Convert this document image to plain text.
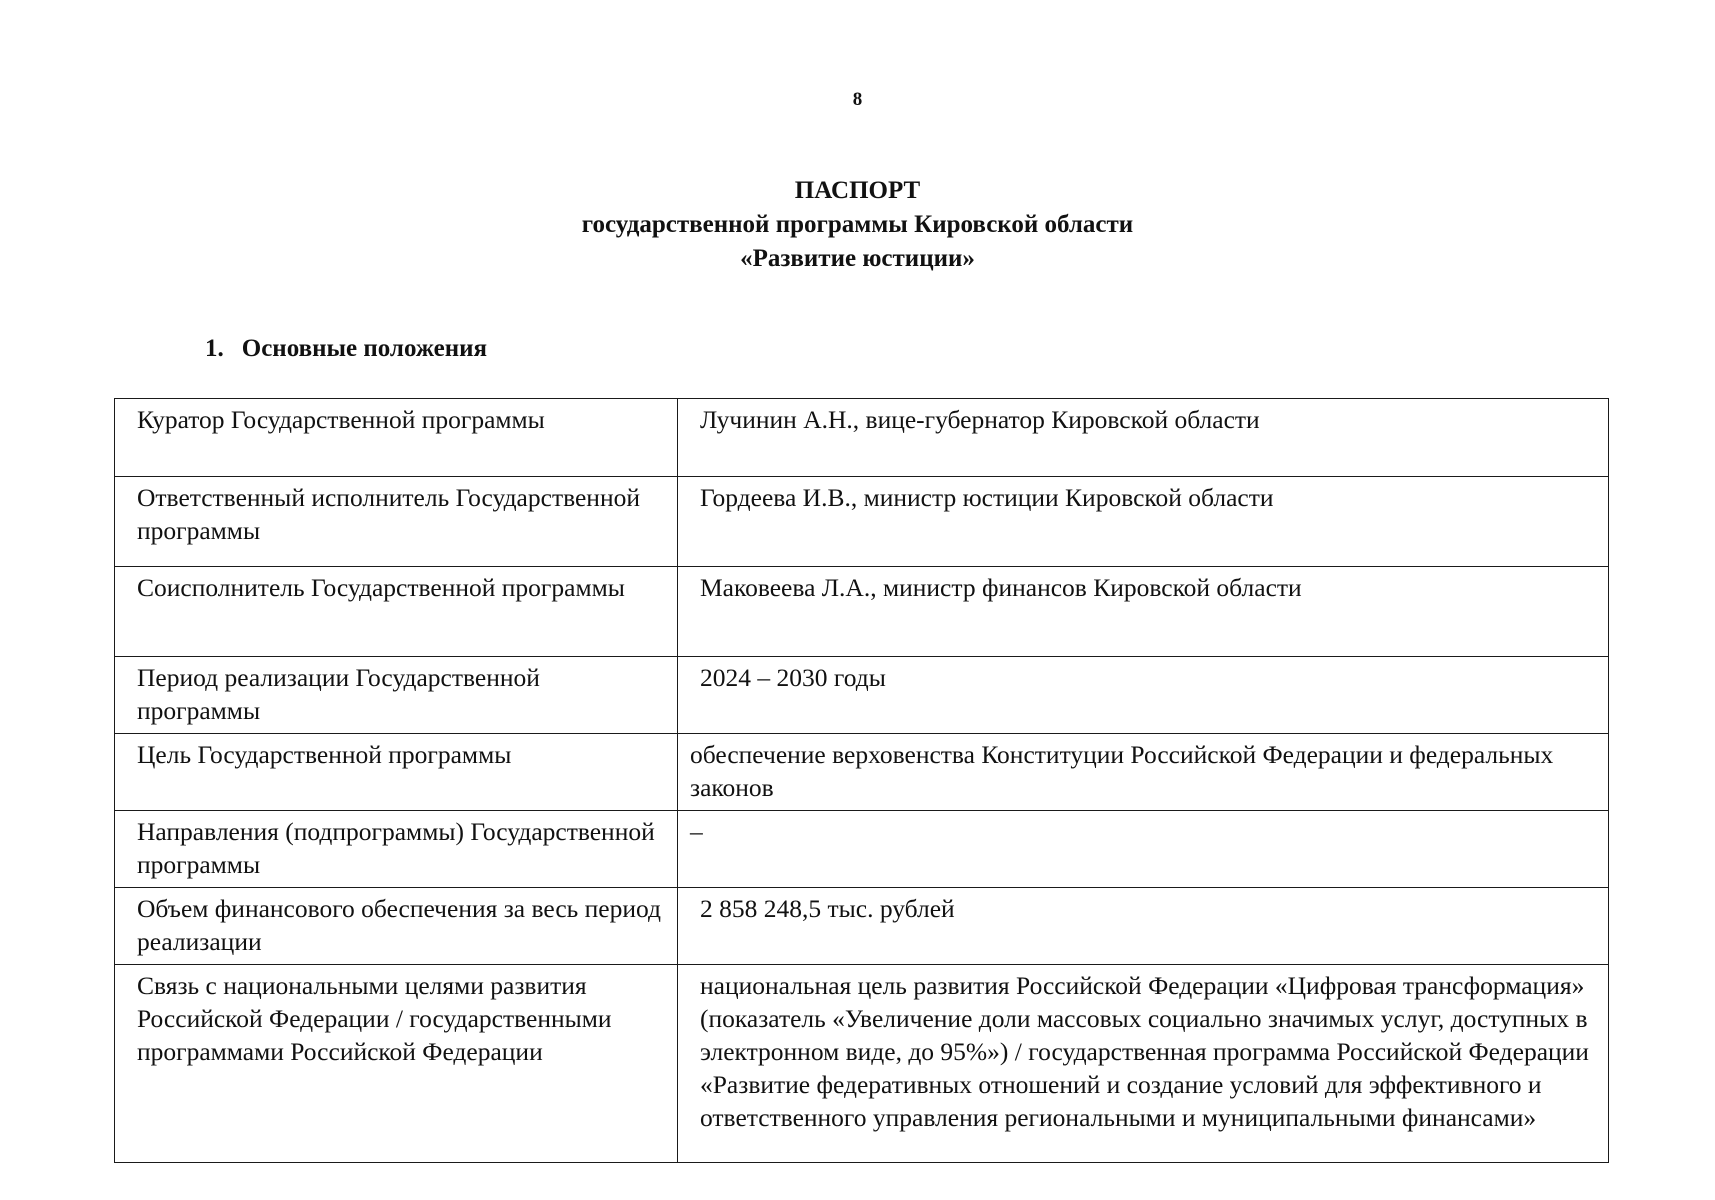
8
ПАСПОРТ
государственной программы Кировской области
«Развитие юстиции»
1. Основные положения
Куратор Государственной программы	Лучинин А.Н., вице-губернатор Кировской области
Ответственный исполнитель Государственной программы	Гордеева И.В., министр юстиции Кировской области
Соисполнитель Государственной программы	Маковеева Л.А., министр финансов Кировской области
Период реализации Государственной программы	2024 – 2030 годы
Цель Государственной программы	обеспечение верховенства Конституции Российской Федерации и федеральных законов
Направления (подпрограммы) Государственной программы	–
Объем финансового обеспечения за весь период реализации	2 858 248,5 тыс. рублей
Связь с национальными целями развития Российской Федерации / государственными программами Российской Федерации	национальная цель развития Российской Федерации «Цифровая трансформация» (показатель «Увеличение доли массовых социально значимых услуг, доступных в электронном виде, до 95%») / государственная программа Российской Федерации «Развитие федеративных отношений и создание условий для эффективного и ответственного управления региональными и муниципальными финансами»
